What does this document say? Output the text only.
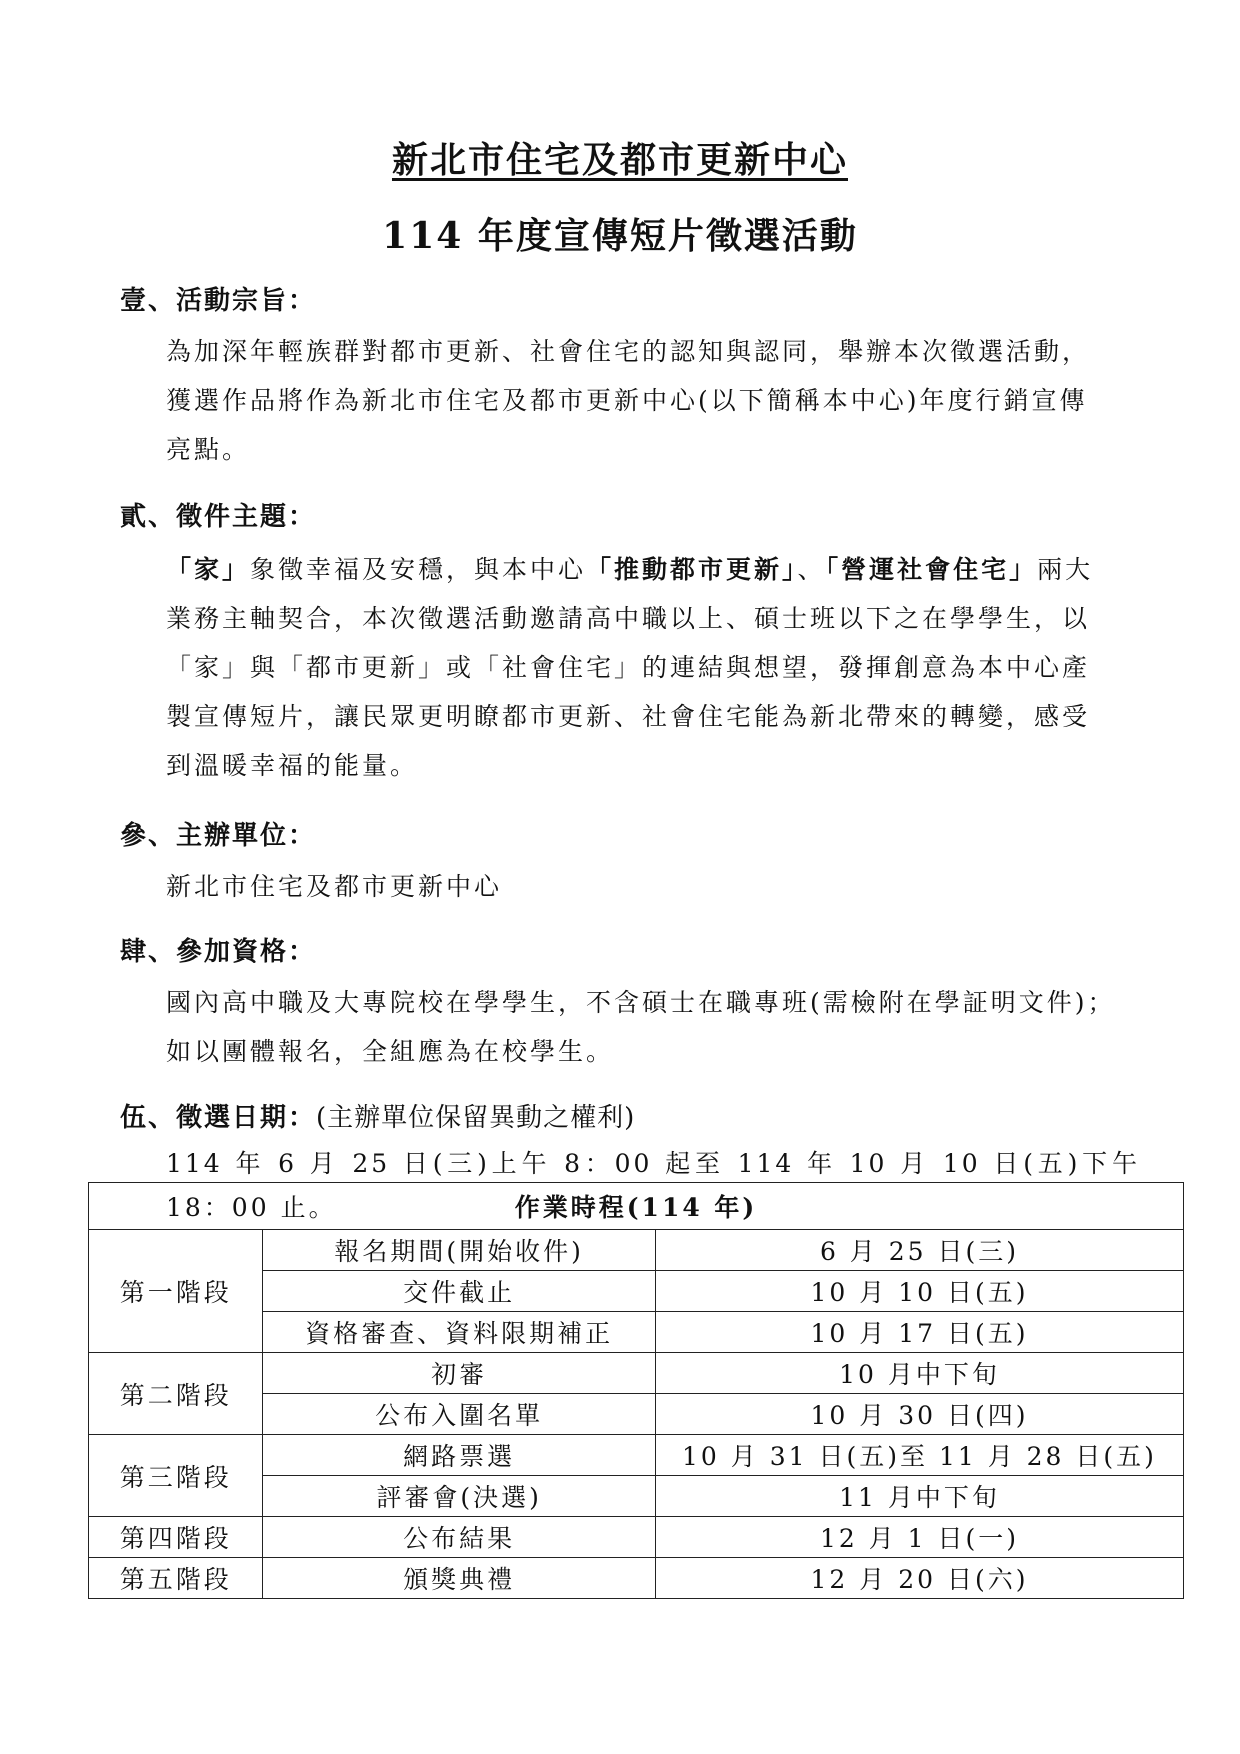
新北市住宅及都市更新中心
114 年度宣傳短片徵選活動
壹、活動宗旨：
為加深年輕族群對都市更新、社會住宅的認知與認同，舉辦本次徵選活動，
獲選作品將作為新北市住宅及都市更新中心(以下簡稱本中心)年度行銷宣傳
亮點。
貳、徵件主題：
「家」象徵幸福及安穩，與本中心「推動都市更新」、「營運社會住宅」兩大
業務主軸契合，本次徵選活動邀請高中職以上、碩士班以下之在學學生，以
「家」與「都市更新」或「社會住宅」的連結與想望，發揮創意為本中心產
製宣傳短片，讓民眾更明瞭都市更新、社會住宅能為新北帶來的轉變，感受
到溫暖幸福的能量。
參、主辦單位：
新北市住宅及都市更新中心
肆、參加資格：
國內高中職及大專院校在學學生，不含碩士在職專班(需檢附在學証明文件)；
如以團體報名，全組應為在校學生。
伍、徵選日期：(主辦單位保留異動之權利)
114 年 6 月 25 日(三)上午 8：00 起至 114 年 10 月 10 日(五)下午 18：00 止。	作業時程(114 年)		
第一階段	報名期間(開始收件)	6 月 25 日(三)
	交件截止	10 月 10 日(五)
	資格審查、資料限期補正	10 月 17 日(五)
第二階段	初審	10 月中下旬
	公布入圍名單	10 月 30 日(四)
第三階段	網路票選	10 月 31 日(五)至 11 月 28 日(五)
	評審會(決選)	11 月中下旬
第四階段	公布結果	12 月 1 日(一)
第五階段	頒獎典禮	12 月 20 日(六)
